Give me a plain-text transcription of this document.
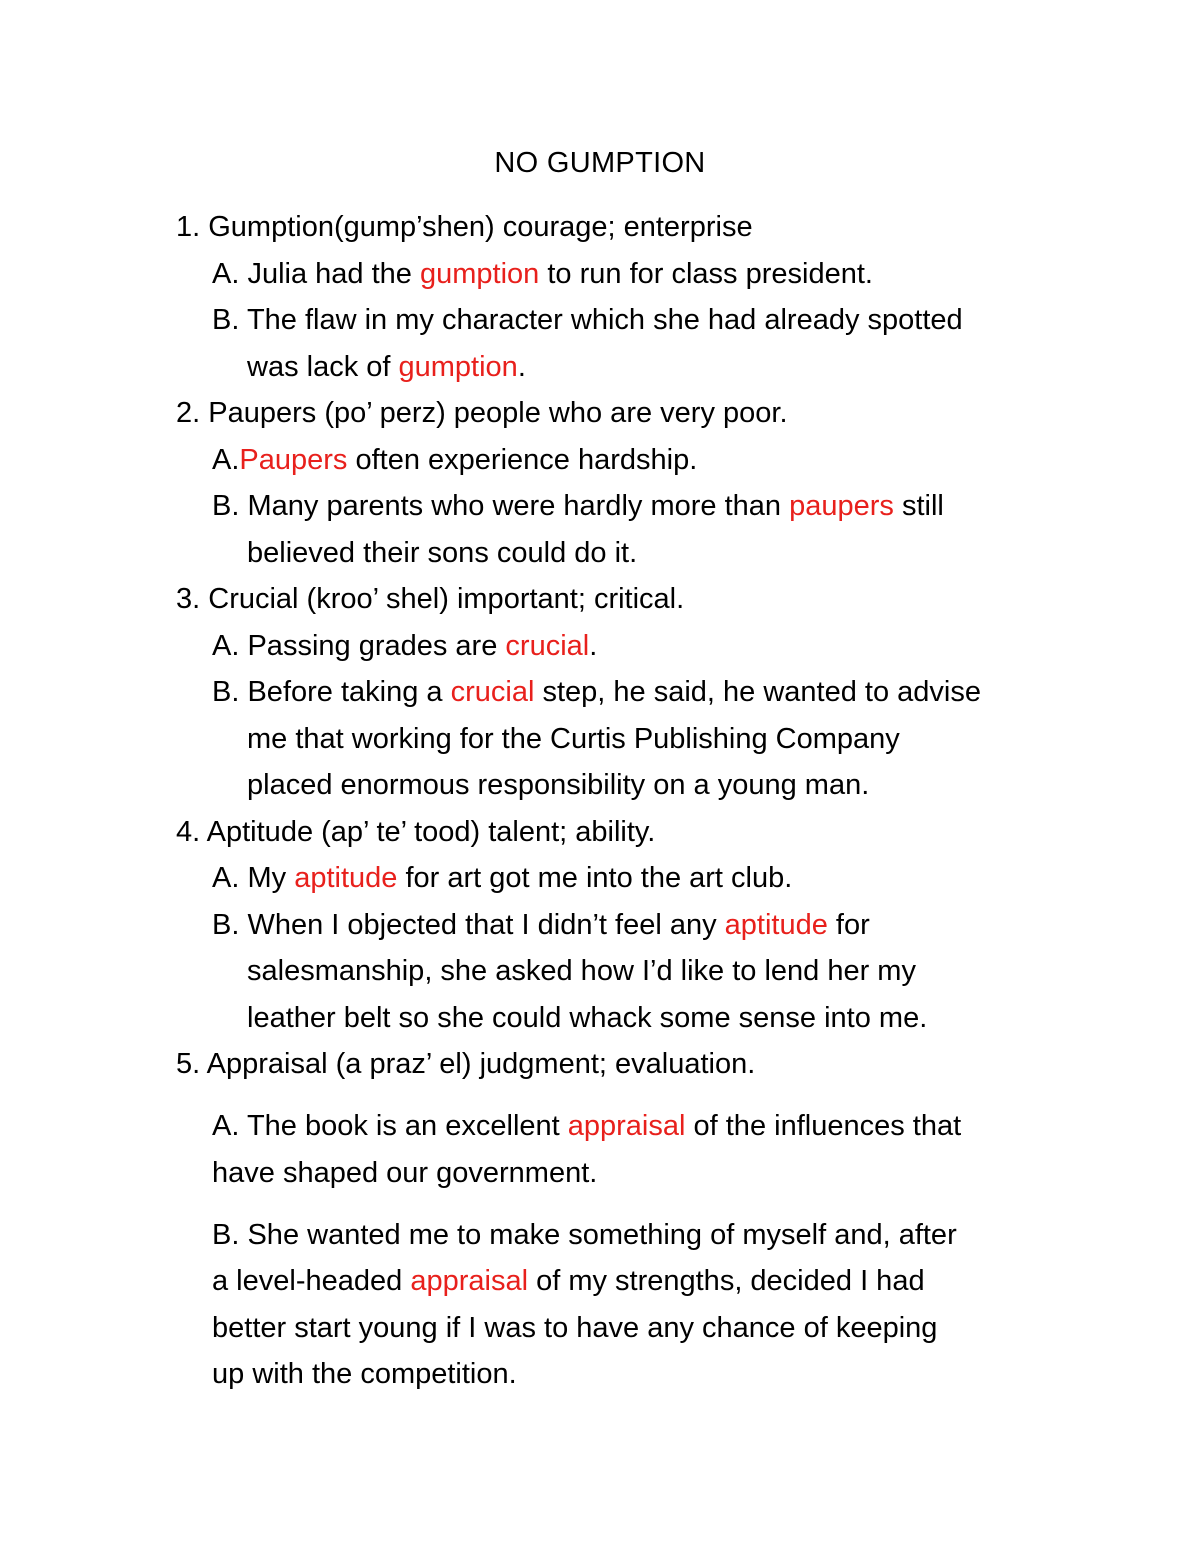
NO GUMPTION
1. Gumption(gump’shen) courage; enterprise
A. Julia had the gumption to run for class president.
B. The flaw in my character which she had already spotted
was lack of gumption.
2. Paupers (po’ perz) people who are very poor.
A.Paupers often experience hardship.
B. Many parents who were hardly more than paupers still
believed their sons could do it.
3. Crucial (kroo’ shel) important; critical.
A. Passing grades are crucial.
B. Before taking a crucial step, he said, he wanted to advise
me that working for the Curtis Publishing Company
placed enormous responsibility on a young man.
4. Aptitude (ap’ te’ tood) talent; ability.
A. My aptitude for art got me into the art club.
B. When I objected that I didn’t feel any aptitude for
salesmanship, she asked how I’d like to lend her my
leather belt so she could whack some sense into me.
5. Appraisal (a praz’ el) judgment; evaluation.
A. The book is an excellent appraisal of the influences that
have shaped our government.
B. She wanted me to make something of myself and, after
a level-headed appraisal of my strengths, decided I had
better start young if I was to have any chance of keeping
up with the competition.
